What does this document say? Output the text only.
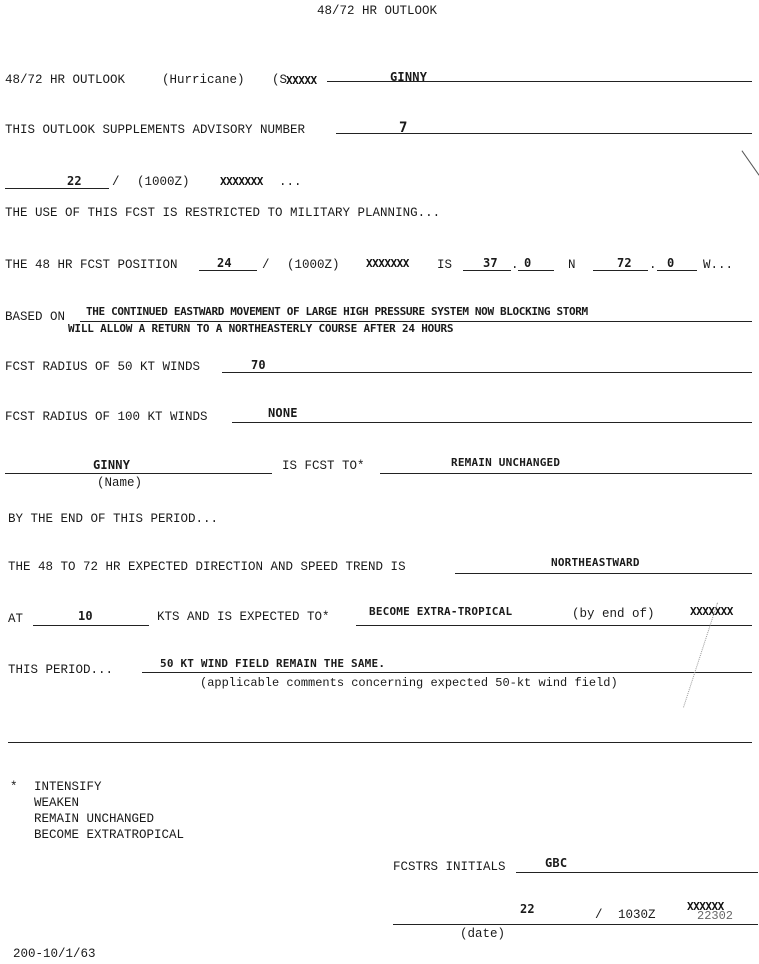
48/72 HR OUTLOOK
48/72 HR OUTLOOK	(Hurricane) (S
XXXXX	GINNY
THIS OUTLOOK SUPPLEMENTS ADVISORY NUMBER	7
22 / (1000Z)	XXXXXXX ...
THE USE OF THIS FCST IS RESTRICTED TO MILITARY PLANNING...
THE 48 HR FCST POSITION	24 / (1000Z) XXXXXXX IS	37 . 0	N	72 . 0 W...
BASED ON THE CONTINUED EASTWARD MOVEMENT OF LARGE HIGH PRESSURE SYSTEM NOW BLOCKING STORM
WILL ALLOW A RETURN TO A NORTHEASTERLY COURSE AFTER 24 HOURS
FCST RADIUS OF 50 KT WINDS	70
FCST RADIUS OF 100 KT WINDS	NONE
GINNY
(Name)
IS FCST TO*	REMAIN UNCHANGED
BY THE END OF THIS PERIOD...
THE 48 TO 72 HR EXPECTED DIRECTION AND SPEED TREND IS	NORTHEASTWARD
AT	10	KTS AND IS EXPECTED TO*	BECOME EXTRA-TROPICAL	(by end of)	XXXXXXX
THIS PERIOD...	50 KT WIND FIELD REMAIN THE SAME.
(applicable comments concerning expected 50-kt wind field)
* INTENSIFY
WEAKEN
REMAIN UNCHANGED
BECOME EXTRATROPICAL
FCSTRS INITIALS	GBC
22	/ 1030Z	22302
XXXXXX
(date)
200-10/1/63
